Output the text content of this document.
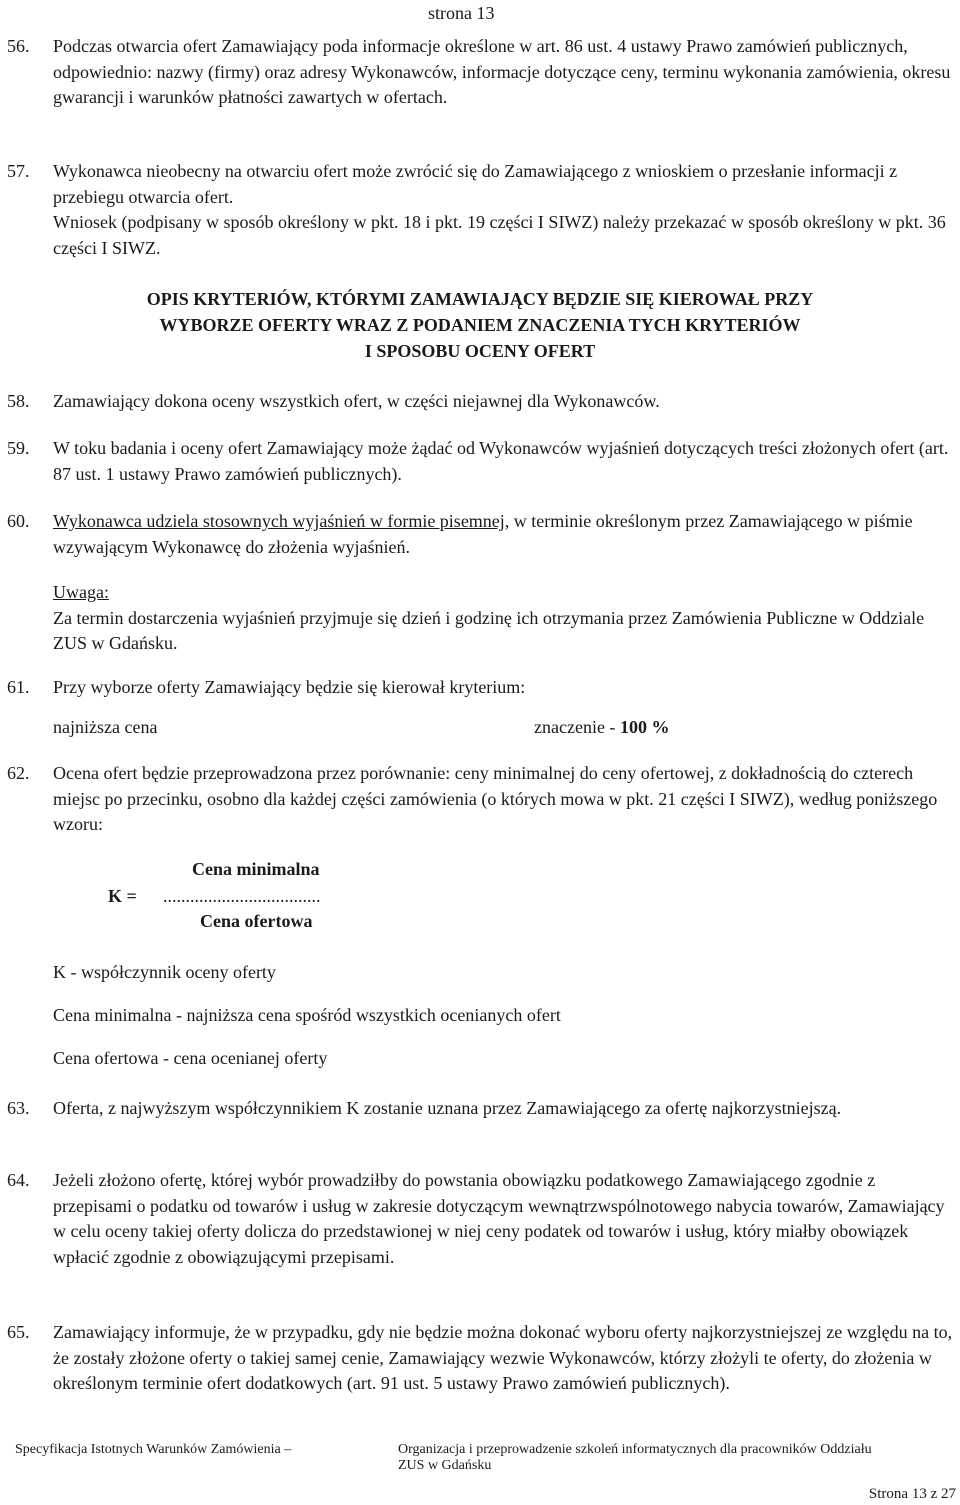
strona 13
56. Podczas otwarcia ofert Zamawiający poda informacje określone w art. 86 ust. 4 ustawy Prawo zamówień publicznych, odpowiednio: nazwy (firmy) oraz adresy Wykonawców, informacje dotyczące ceny, terminu wykonania zamówienia, okresu gwarancji i warunków płatności zawartych w ofertach.
57. Wykonawca nieobecny na otwarciu ofert może zwrócić się do Zamawiającego z wnioskiem o przesłanie informacji z przebiegu otwarcia ofert.
Wniosek (podpisany w sposób określony w pkt. 18 i pkt. 19 części I SIWZ) należy przekazać w sposób określony w pkt. 36 części I SIWZ.
OPIS KRYTERIÓW, KTÓRYMI ZAMAWIAJĄCY BĘDZIE SIĘ KIEROWAŁ PRZY
WYBORZE OFERTY WRAZ Z PODANIEM ZNACZENIA TYCH KRYTERIÓW
I SPOSOBU OCENY OFERT
58. Zamawiający dokona oceny wszystkich ofert, w części niejawnej dla Wykonawców.
59. W toku badania i oceny ofert Zamawiający może żądać od Wykonawców wyjaśnień dotyczących treści złożonych ofert (art. 87 ust. 1 ustawy Prawo zamówień publicznych).
60. Wykonawca udziela stosownych wyjaśnień w formie pisemnej, w terminie określonym przez Zamawiającego w piśmie wzywającym Wykonawcę do złożenia wyjaśnień.
Uwaga:
Za termin dostarczenia wyjaśnień przyjmuje się dzień i godzinę ich otrzymania przez Zamówienia Publiczne w Oddziale ZUS w Gdańsku.
61. Przy wyborze oferty Zamawiający będzie się kierował kryterium:
najniższa cena	znaczenie - 100 %
62. Ocena ofert będzie przeprowadzona przez porównanie: ceny minimalnej do ceny ofertowej, z dokładnością do czterech miejsc po przecinku, osobno dla każdej części zamówienia (o których mowa w pkt. 21 części I SIWZ), według poniższego wzoru:
Cena minimalna
K = ...................................
Cena ofertowa
K - współczynnik oceny oferty
Cena minimalna - najniższa cena spośród wszystkich ocenianych ofert
Cena ofertowa - cena ocenianej oferty
63. Oferta, z najwyższym współczynnikiem K zostanie uznana przez Zamawiającego za ofertę najkorzystniejszą.
64. Jeżeli złożono ofertę, której wybór prowadziłby do powstania obowiązku podatkowego Zamawiającego zgodnie z przepisami o podatku od towarów i usług w zakresie dotyczącym wewnątrzwspólnotowego nabycia towarów, Zamawiający w celu oceny takiej oferty dolicza do przedstawionej w niej ceny podatek od towarów i usług, który miałby obowiązek wpłacić zgodnie z obowiązującymi przepisami.
65. Zamawiający informuje, że w przypadku, gdy nie będzie można dokonać wyboru oferty najkorzystniejszej ze względu na to, że zostały złożone oferty o takiej samej cenie, Zamawiający wezwie Wykonawców, którzy złożyli te oferty, do złożenia w określonym terminie ofert dodatkowych (art. 91 ust. 5 ustawy Prawo zamówień publicznych).
Specyfikacja Istotnych Warunków Zamówienia –	Organizacja i przeprowadzenie szkoleń informatycznych dla pracowników Oddziału
ZUS w Gdańsku
Strona 13 z 27
